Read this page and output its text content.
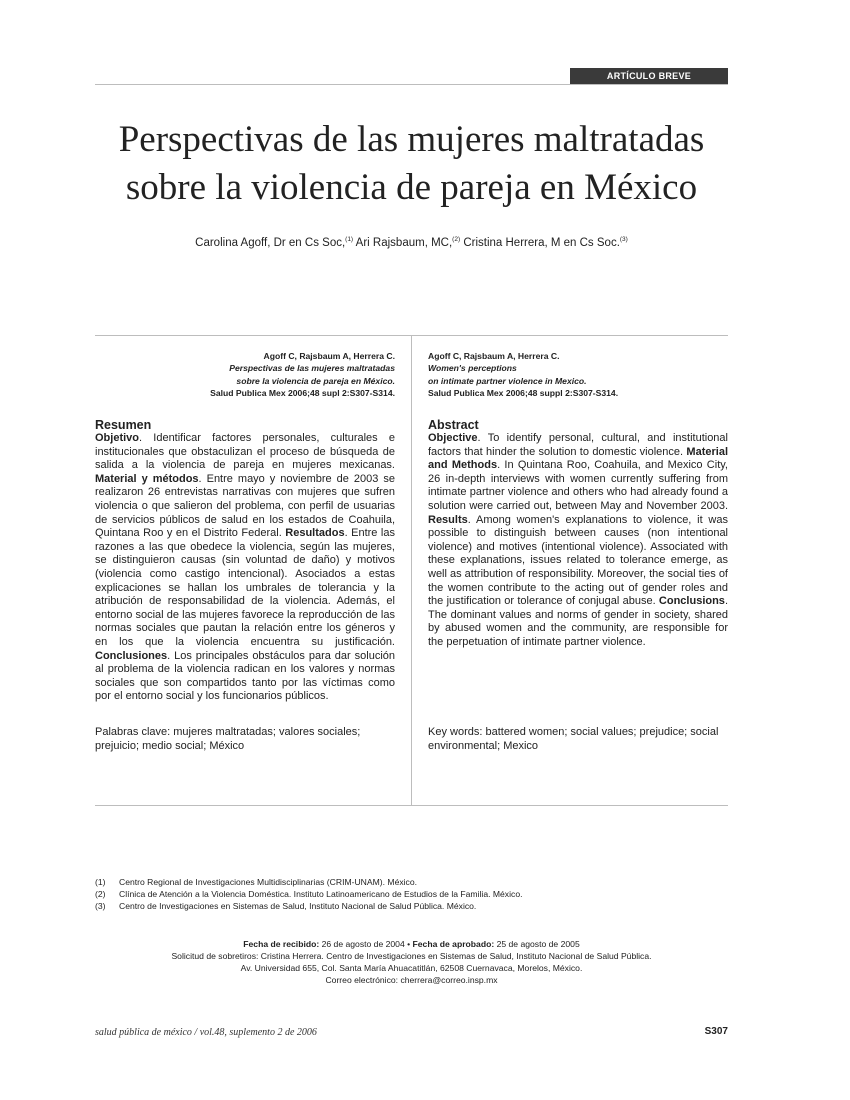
ARTÍCULO BREVE
Perspectivas de las mujeres maltratadas
sobre la violencia de pareja en México
Carolina Agoff, Dr en Cs Soc,$^{(1)}$ Ari Rajsbaum, MC,$^{(2)}$ Cristina Herrera, M en Cs Soc.$^{(3)}$
Agoff C, Rajsbaum A, Herrera C.
Perspectivas de las mujeres maltratadas
sobre la violencia de pareja en México.
Salud Publica Mex 2006;48 supl 2:S307-S314.
Agoff C, Rajsbaum A, Herrera C.
Women's perceptions
on intimate partner violence in Mexico.
Salud Publica Mex 2006;48 suppl 2:S307-S314.
Resumen
Objetivo. Identificar factores personales, culturales e institucionales que obstaculizan el proceso de búsqueda de salida a la violencia de pareja en mujeres mexicanas. Material y métodos. Entre mayo y noviembre de 2003 se realizaron 26 entrevistas narrativas con mujeres que sufren violencia o que salieron del problema, con perfil de usuarias de servicios públicos de salud en los estados de Coahuila, Quintana Roo y en el Distrito Federal. Resultados. Entre las razones a las que obedece la violencia, según las mujeres, se distinguieron causas (sin voluntad de daño) y motivos (violencia como castigo intencional). Asociados a estas explicaciones se hallan los umbrales de tolerancia y la atribución de responsabilidad de la violencia. Además, el entorno social de las mujeres favorece la reproducción de las normas sociales que pautan la relación entre los géneros y en los que la violencia encuentra su justificación. Conclusiones. Los principales obstáculos para dar solución al problema de la violencia radican en los valores y normas sociales que son compartidos tanto por las víctimas como por el entorno social y los funcionarios públicos.
Palabras clave: mujeres maltratadas; valores sociales; prejuicio; medio social; México
Abstract
Objective. To identify personal, cultural, and institutional factors that hinder the solution to domestic violence. Material and Methods. In Quintana Roo, Coahuila, and Mexico City, 26 in-depth interviews with women currently suffering from intimate partner violence and others who had already found a solution were carried out, between May and November 2003. Results. Among women's explanations to violence, it was possible to distinguish between causes (non intentional violence) and motives (intentional violence). Associated with these explanations, issues related to tolerance emerge, as well as attribution of responsibility. Moreover, the social ties of the women contribute to the acting out of gender roles and the justification or tolerance of conjugal abuse. Conclusions. The dominant values and norms of gender in society, shared by abused women and the community, are responsible for the perpetuation of intimate partner violence.
Key words: battered women; social values; prejudice; social environmental; Mexico
(1)	Centro Regional de Investigaciones Multidisciplinarias (CRIM-UNAM). México.
(2)	Clínica de Atención a la Violencia Doméstica. Instituto Latinoamericano de Estudios de la Familia. México.
(3)	Centro de Investigaciones en Sistemas de Salud, Instituto Nacional de Salud Pública. México.
Fecha de recibido: 26 de agosto de 2004 • Fecha de aprobado: 25 de agosto de 2005
Solicitud de sobretiros: Cristina Herrera. Centro de Investigaciones en Sistemas de Salud, Instituto Nacional de Salud Pública.
Av. Universidad 655, Col. Santa María Ahuacatitlán, 62508 Cuernavaca, Morelos, México.
Correo electrónico: cherrera@correo.insp.mx
salud pública de méxico / vol.48, suplemento 2 de 2006	S307
